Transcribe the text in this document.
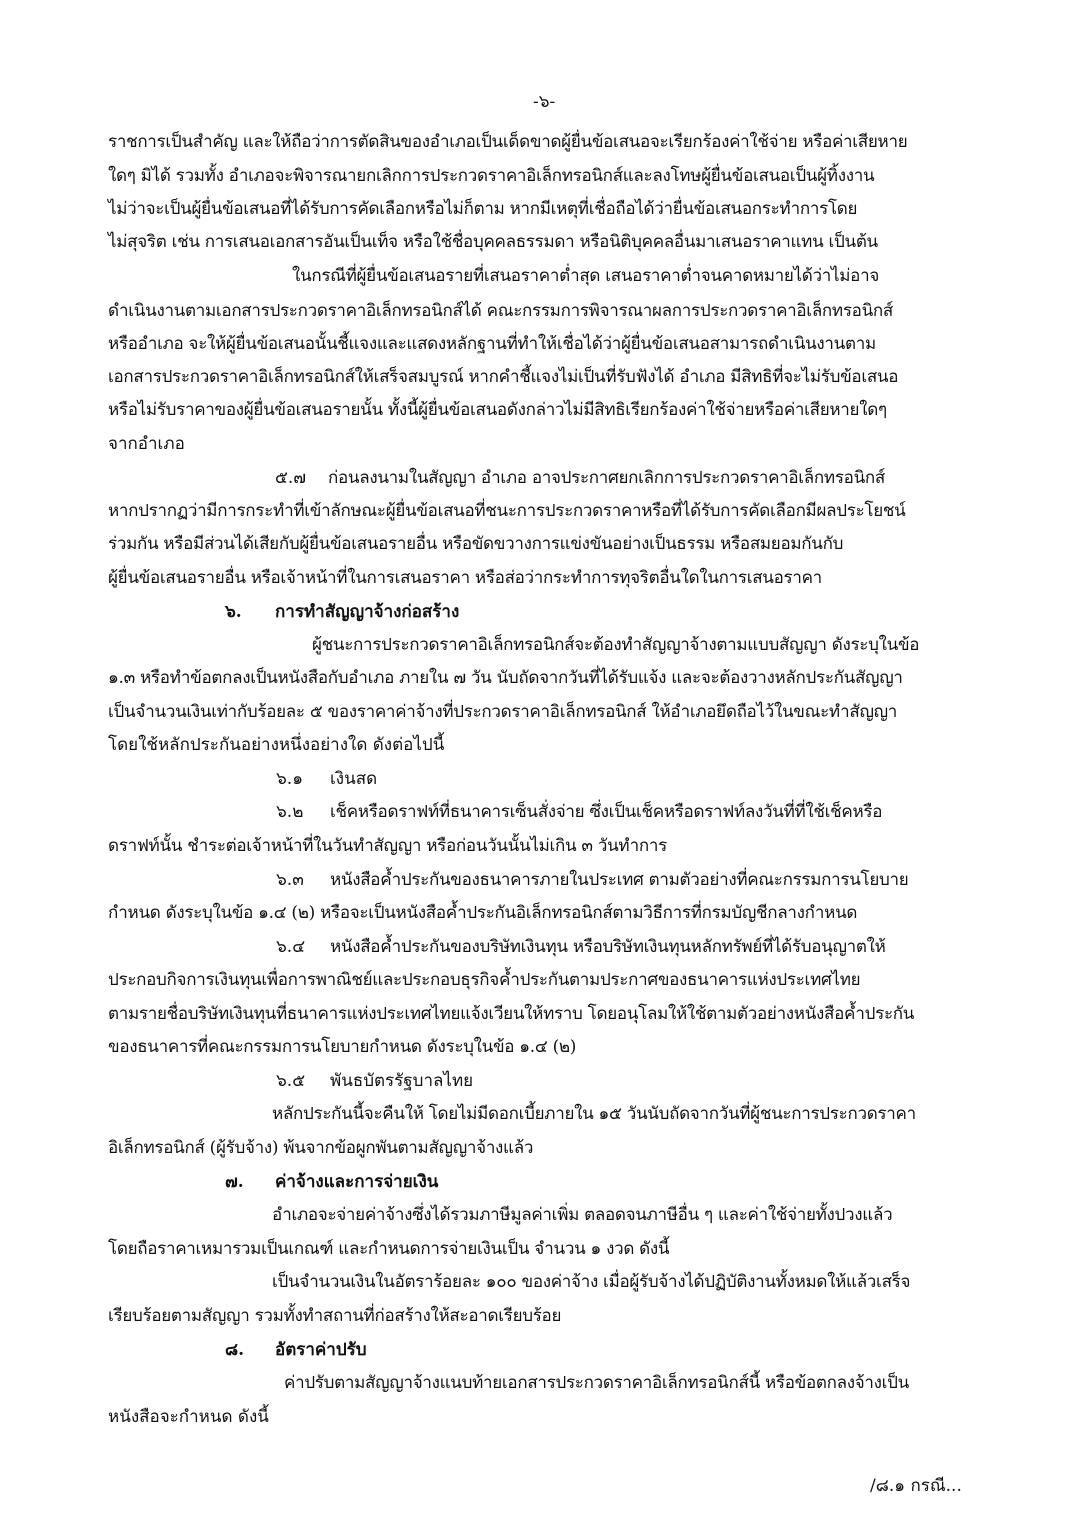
-๖-
ราชการเป็นสำคัญ และให้ถือว่าการตัดสินของอำเภอเป็นเด็ดขาดผู้ยื่นข้อเสนอจะเรียกร้องค่าใช้จ่าย หรือค่าเสียหาย
ใดๆ มิได้ รวมทั้ง อำเภอจะพิจารณายกเลิกการประกวดราคาอิเล็กทรอนิกส์และลงโทษผู้ยื่นข้อเสนอเป็นผู้ทิ้งงาน
ไม่ว่าจะเป็นผู้ยื่นข้อเสนอที่ได้รับการคัดเลือกหรือไม่ก็ตาม หากมีเหตุที่เชื่อถือได้ว่ายื่นข้อเสนอกระทำการโดย
ไม่สุจริต เช่น การเสนอเอกสารอันเป็นเท็จ หรือใช้ชื่อบุคคลธรรมดา หรือนิติบุคคลอื่นมาเสนอราคาแทน เป็นต้น
ในกรณีที่ผู้ยื่นข้อเสนอรายที่เสนอราคาต่ำสุด เสนอราคาต่ำจนคาดหมายได้ว่าไม่อาจ
ดำเนินงานตามเอกสารประกวดราคาอิเล็กทรอนิกส์ได้ คณะกรรมการพิจารณาผลการประกวดราคาอิเล็กทรอนิกส์
หรืออำเภอ จะให้ผู้ยื่นข้อเสนอนั้นชี้แจงและแสดงหลักฐานที่ทำให้เชื่อได้ว่าผู้ยื่นข้อเสนอสามารถดำเนินงานตาม
เอกสารประกวดราคาอิเล็กทรอนิกส์ให้เสร็จสมบูรณ์ หากคำชี้แจงไม่เป็นที่รับฟังได้ อำเภอ มีสิทธิที่จะไม่รับข้อเสนอ
หรือไม่รับราคาของผู้ยื่นข้อเสนอรายนั้น ทั้งนี้ผู้ยื่นข้อเสนอดังกล่าวไม่มีสิทธิเรียกร้องค่าใช้จ่ายหรือค่าเสียหายใดๆ
จากอำเภอ
๕.๗ ก่อนลงนามในสัญญา อำเภอ อาจประกาศยกเลิกการประกวดราคาอิเล็กทรอนิกส์
หากปรากฏว่ามีการกระทำที่เข้าลักษณะผู้ยื่นข้อเสนอที่ชนะการประกวดราคาหรือที่ได้รับการคัดเลือกมีผลประโยชน์
ร่วมกัน หรือมีส่วนได้เสียกับผู้ยื่นข้อเสนอรายอื่น หรือขัดขวางการแข่งขันอย่างเป็นธรรม หรือสมยอมกันกับ
ผู้ยื่นข้อเสนอรายอื่น หรือเจ้าหน้าที่ในการเสนอราคา หรือส่อว่ากระทำการทุจริตอื่นใดในการเสนอราคา
๖. การทำสัญญาจ้างก่อสร้าง
ผู้ชนะการประกวดราคาอิเล็กทรอนิกส์จะต้องทำสัญญาจ้างตามแบบสัญญา ดังระบุในข้อ
๑.๓ หรือทำข้อตกลงเป็นหนังสือกับอำเภอ ภายใน ๗ วัน นับถัดจากวันที่ได้รับแจ้ง และจะต้องวางหลักประกันสัญญา
เป็นจำนวนเงินเท่ากับร้อยละ ๕ ของราคาค่าจ้างที่ประกวดราคาอิเล็กทรอนิกส์ ให้อำเภอยึดถือไว้ในขณะทำสัญญา
โดยใช้หลักประกันอย่างหนึ่งอย่างใด ดังต่อไปนี้
๖.๑ เงินสด
๖.๒ เช็คหรือดราฟท์ที่ธนาคารเซ็นสั่งจ่าย ซึ่งเป็นเช็คหรือดราฟท์ลงวันที่ที่ใช้เช็คหรือ
ดราฟท์นั้น ชำระต่อเจ้าหน้าที่ในวันทำสัญญา หรือก่อนวันนั้นไม่เกิน ๓ วันทำการ
๖.๓ หนังสือค้ำประกันของธนาคารภายในประเทศ ตามตัวอย่างที่คณะกรรมการนโยบาย
กำหนด ดังระบุในข้อ ๑.๔ (๒) หรือจะเป็นหนังสือค้ำประกันอิเล็กทรอนิกส์ตามวิธีการที่กรมบัญชีกลางกำหนด
๖.๔ หนังสือค้ำประกันของบริษัทเงินทุน หรือบริษัทเงินทุนหลักทรัพย์ที่ได้รับอนุญาตให้
ประกอบกิจการเงินทุนเพื่อการพาณิชย์และประกอบธุรกิจค้ำประกันตามประกาศของธนาคารแห่งประเทศไทย
ตามรายชื่อบริษัทเงินทุนที่ธนาคารแห่งประเทศไทยแจ้งเวียนให้ทราบ โดยอนุโลมให้ใช้ตามตัวอย่างหนังสือค้ำประกัน
ของธนาคารที่คณะกรรมการนโยบายกำหนด ดังระบุในข้อ ๑.๔ (๒)
๖.๕ พันธบัตรรัฐบาลไทย
หลักประกันนี้จะคืนให้ โดยไม่มีดอกเบี้ยภายใน ๑๕ วันนับถัดจากวันที่ผู้ชนะการประกวดราคา
อิเล็กทรอนิกส์ (ผู้รับจ้าง) พ้นจากข้อผูกพันตามสัญญาจ้างแล้ว
๗. ค่าจ้างและการจ่ายเงิน
อำเภอจะจ่ายค่าจ้างซึ่งได้รวมภาษีมูลค่าเพิ่ม ตลอดจนภาษีอื่น ๆ และค่าใช้จ่ายทั้งปวงแล้ว
โดยถือราคาเหมารวมเป็นเกณฑ์ และกำหนดการจ่ายเงินเป็น จำนวน ๑ งวด ดังนี้
เป็นจำนวนเงินในอัตราร้อยละ ๑๐๐ ของค่าจ้าง เมื่อผู้รับจ้างได้ปฏิบัติงานทั้งหมดให้แล้วเสร็จ
เรียบร้อยตามสัญญา รวมทั้งทำสถานที่ก่อสร้างให้สะอาดเรียบร้อย
๘. อัตราค่าปรับ
ค่าปรับตามสัญญาจ้างแนบท้ายเอกสารประกวดราคาอิเล็กทรอนิกส์นี้ หรือข้อตกลงจ้างเป็น
หนังสือจะกำหนด ดังนี้
/๘.๑ กรณี...
